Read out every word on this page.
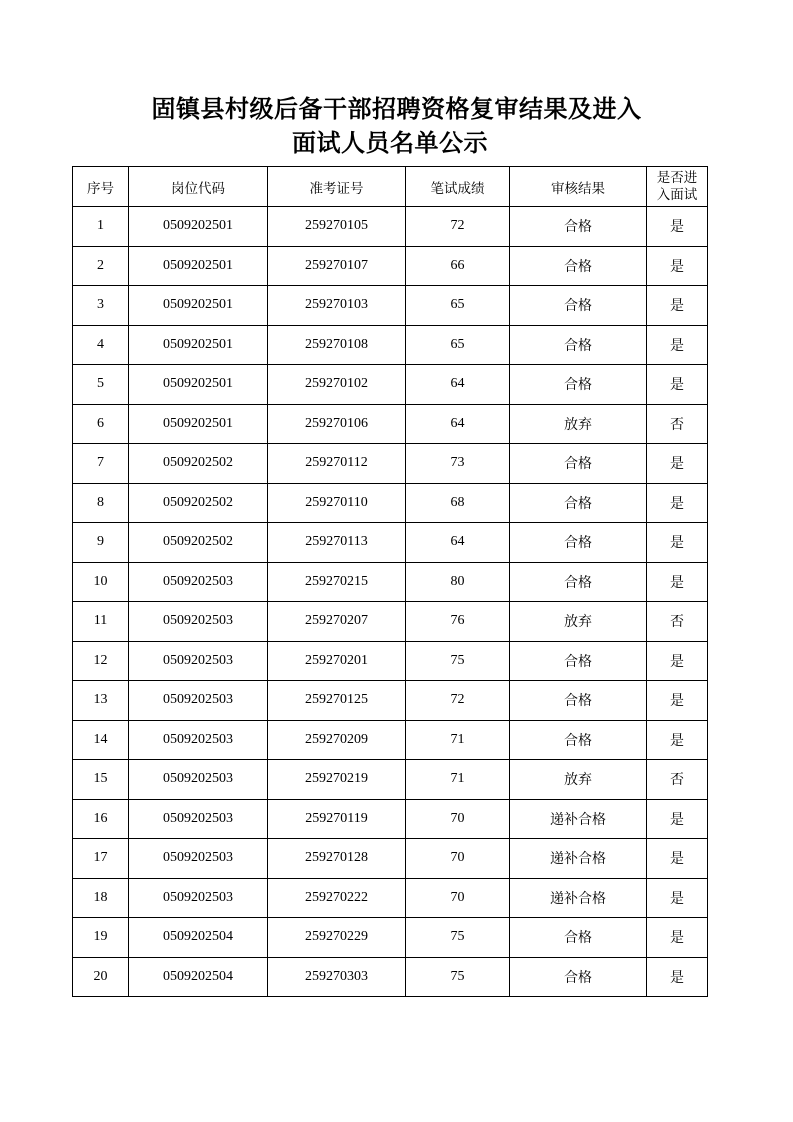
固镇县村级后备干部招聘资格复审结果及进入
面试人员名单公示
序号	岗位代码	准考证号	笔试成绩	审核结果	是否进
入面试
1	0509202501	259270105	72	合格	是
2	0509202501	259270107	66	合格	是
3	0509202501	259270103	65	合格	是
4	0509202501	259270108	65	合格	是
5	0509202501	259270102	64	合格	是
6	0509202501	259270106	64	放弃	否
7	0509202502	259270112	73	合格	是
8	0509202502	259270110	68	合格	是
9	0509202502	259270113	64	合格	是
10	0509202503	259270215	80	合格	是
11	0509202503	259270207	76	放弃	否
12	0509202503	259270201	75	合格	是
13	0509202503	259270125	72	合格	是
14	0509202503	259270209	71	合格	是
15	0509202503	259270219	71	放弃	否
16	0509202503	259270119	70	递补合格	是
17	0509202503	259270128	70	递补合格	是
18	0509202503	259270222	70	递补合格	是
19	0509202504	259270229	75	合格	是
20	0509202504	259270303	75	合格	是
